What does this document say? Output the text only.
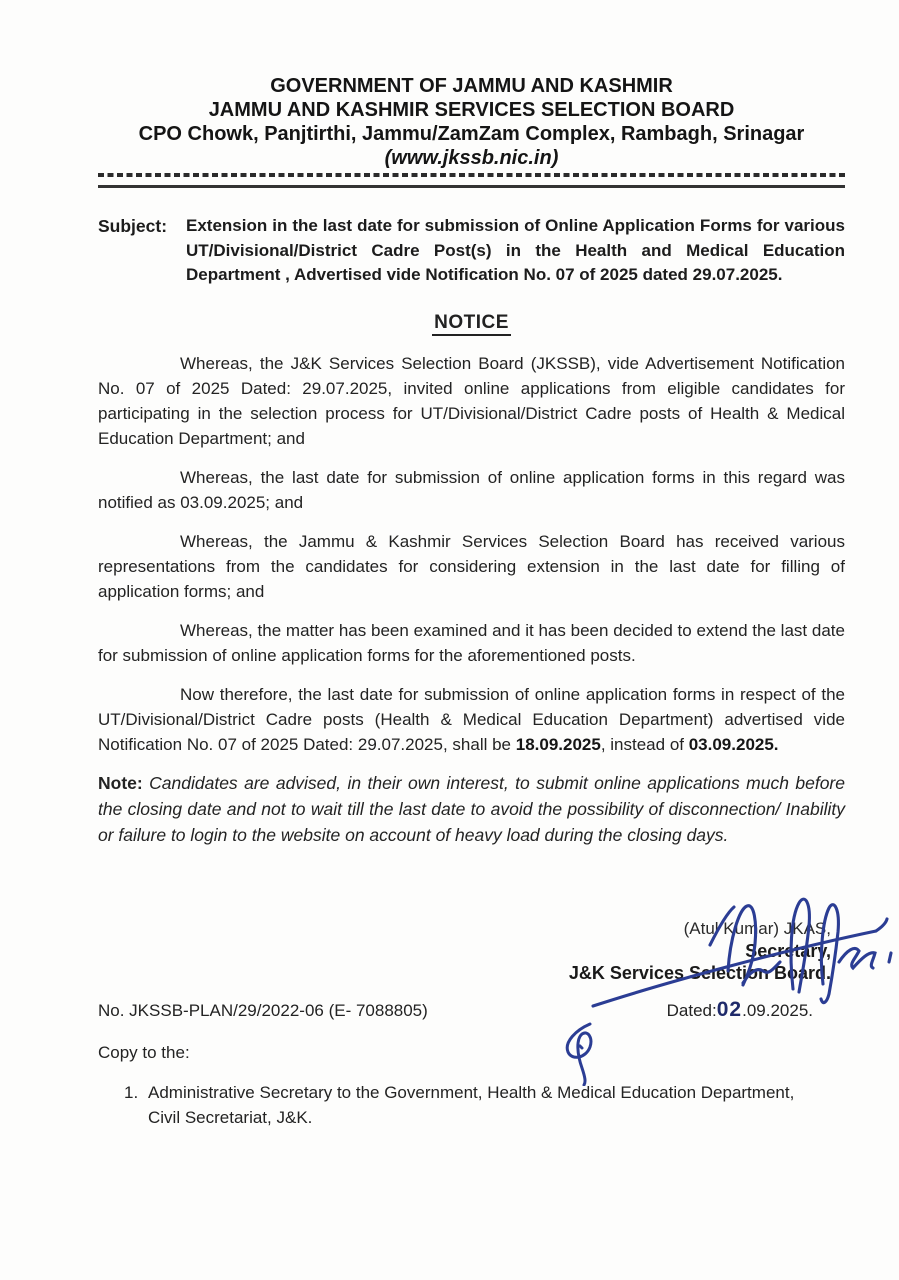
GOVERNMENT OF JAMMU AND KASHMIR
JAMMU AND KASHMIR SERVICES SELECTION BOARD
CPO Chowk, Panjtirthi, Jammu/ZamZam Complex, Rambagh, Srinagar
(www.jkssb.nic.in)
Subject:	Extension in the last date for submission of Online Application Forms for various UT/Divisional/District Cadre Post(s) in the Health and Medical Education Department , Advertised vide Notification No. 07 of 2025 dated 29.07.2025.
NOTICE

Whereas, the J&K Services Selection Board (JKSSB), vide Advertisement Notification No. 07 of 2025 Dated: 29.07.2025, invited online applications from eligible candidates for participating in the selection process for UT/Divisional/District Cadre posts of Health & Medical Education Department; and

Whereas, the last date for submission of online application forms in this regard was notified as 03.09.2025; and

Whereas, the Jammu & Kashmir Services Selection Board has received various representations from the candidates for considering extension in the last date for filling of application forms; and

Whereas, the matter has been examined and it has been decided to extend the last date for submission of online application forms for the aforementioned posts.

Now therefore, the last date for submission of online application forms in respect of the UT/Divisional/District Cadre posts (Health & Medical Education Department) advertised vide Notification No. 07 of 2025 Dated: 29.07.2025, shall be 18.09.2025, instead of 03.09.2025.

Note: Candidates are advised, in their own interest, to submit online applications much before the closing date and not to wait till the last date to avoid the possibility of disconnection/ Inability or failure to login to the website on account of heavy load during the closing days.

(Atul Kumar) JKAS,
Secretary,
J&K Services Selection Board.
No. JKSSB-PLAN/29/2022-06 (E- 7088805)	Dated:02.09.2025.
Copy to the:
1. Administrative Secretary to the Government, Health & Medical Education Department, Civil Secretariat, J&K.
